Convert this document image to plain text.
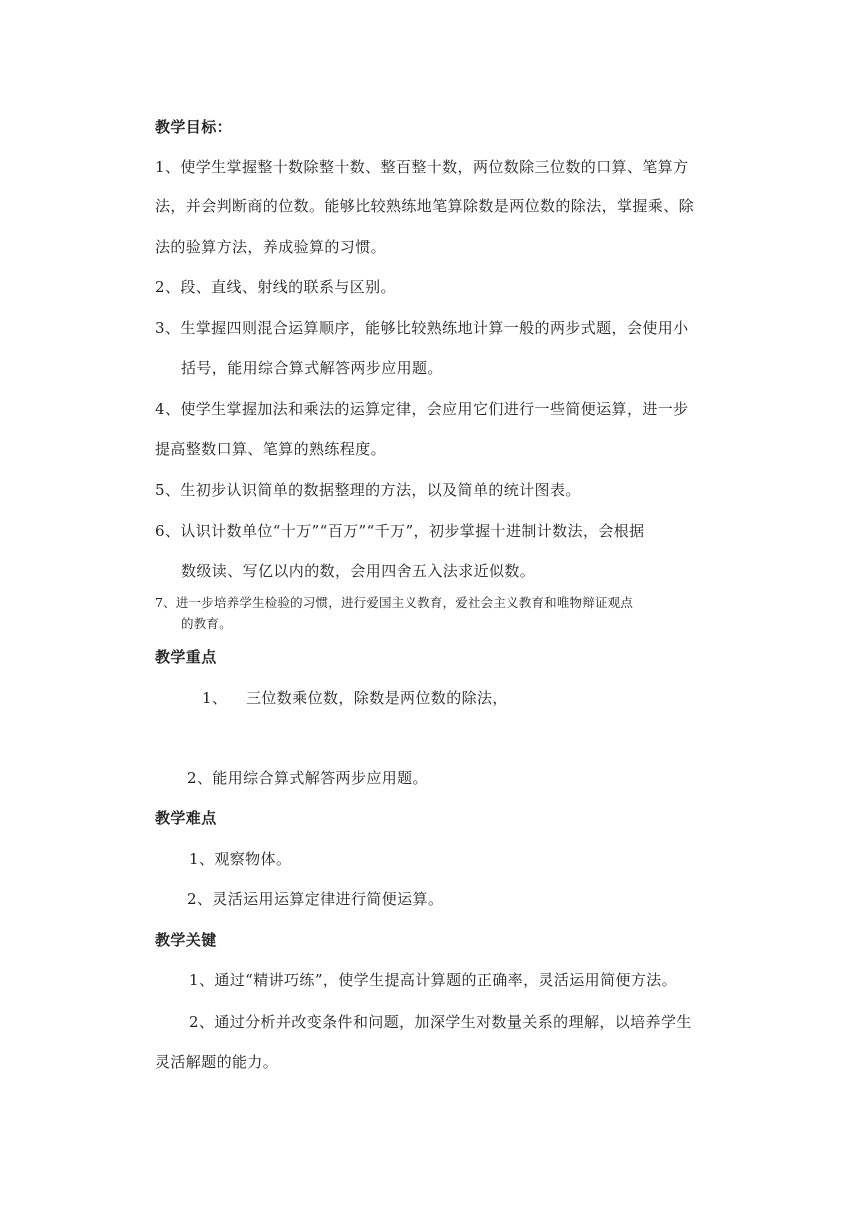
教学目标：
1、使学生掌握整十数除整十数、整百整十数，两位数除三位数的口算、笔算方
法，并会判断商的位数。能够比较熟练地笔算除数是两位数的除法，掌握乘、除
法的验算方法，养成验算的习惯。
2、段、直线、射线的联系与区别。
3、生掌握四则混合运算顺序，能够比较熟练地计算一般的两步式题，会使用小
括号，能用综合算式解答两步应用题。
4、使学生掌握加法和乘法的运算定律，会应用它们进行一些简便运算，进一步
提高整数口算、笔算的熟练程度。
5、生初步认识简单的数据整理的方法，以及简单的统计图表。
6、认识计数单位“十万”“百万”“千万”，初步掌握十进制计数法，会根据
数级读、写亿以内的数，会用四舍五入法求近似数。
7、进一步培养学生检验的习惯，进行爱国主义教育，爱社会主义教育和唯物辩证观点
的教育。
教学重点
1、 三位数乘位数，除数是两位数的除法，
2、能用综合算式解答两步应用题。
教学难点
1、观察物体。
2、灵活运用运算定律进行简便运算。
教学关键
1、通过“精讲巧练”，使学生提高计算题的正确率，灵活运用简便方法。
2、通过分析并改变条件和问题，加深学生对数量关系的理解，以培养学生
灵活解题的能力。
